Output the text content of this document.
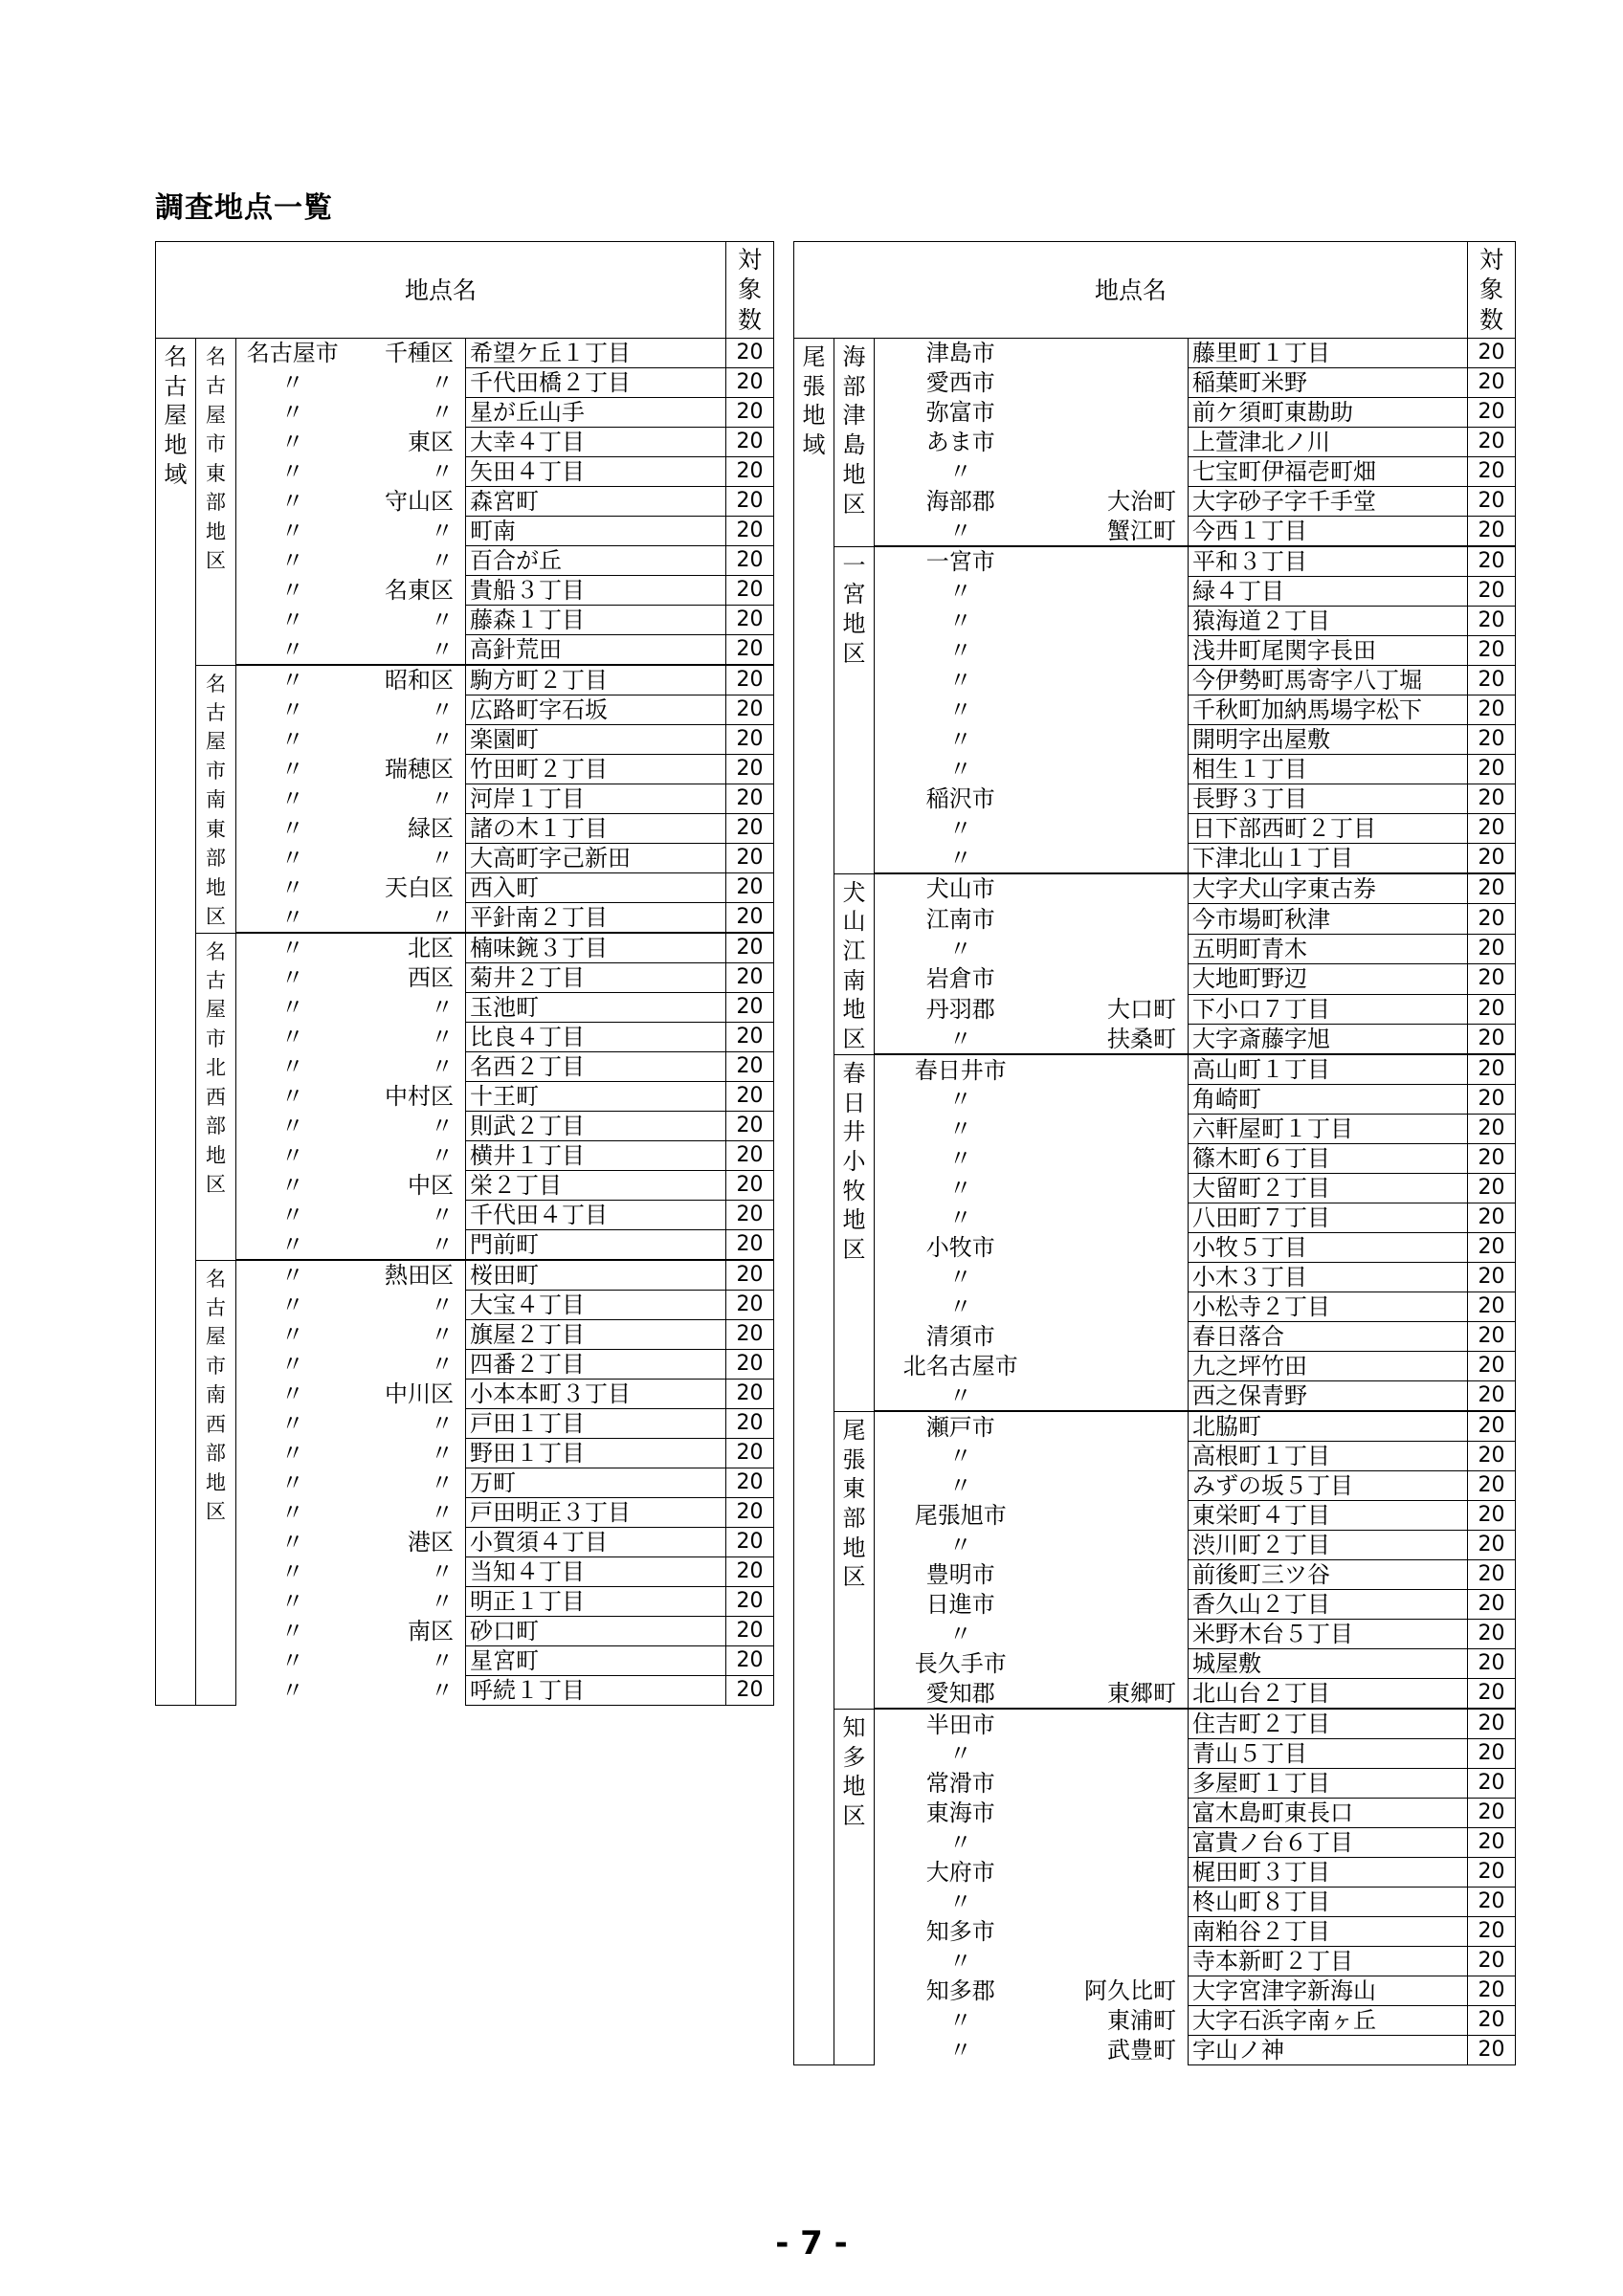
調査地点一覧
地点名				対
象
数

名古屋地域	名古屋市東部地区	名古屋市 千種区	希望ケ丘１丁目	20

		〃 〃	千代田橋２丁目	20

		〃 〃	星が丘山手	20

		〃 東区	大幸４丁目	20

		〃 〃	矢田４丁目	20

		〃 守山区	森宮町	20

		〃 〃	町南	20

		〃 〃	百合が丘	20

		〃 名東区	貴船３丁目	20

		〃 〃	藤森１丁目	20

		〃 〃	高針荒田	20

	名古屋市南東部地区	〃 昭和区	駒方町２丁目	20

		〃 〃	広路町字石坂	20

		〃 〃	楽園町	20

		〃 瑞穂区	竹田町２丁目	20

		〃 〃	河岸１丁目	20

		〃 緑区	諸の木１丁目	20

		〃 〃	大高町字己新田	20

		〃 天白区	西入町	20

		〃 〃	平針南２丁目	20

	名古屋市北西部地区	〃 北区	楠味鋺３丁目	20

		〃 西区	菊井２丁目	20

		〃 〃	玉池町	20

		〃 〃	比良４丁目	20

		〃 〃	名西２丁目	20

		〃 中村区	十王町	20

		〃 〃	則武２丁目	20

		〃 〃	横井１丁目	20

		〃 中区	栄２丁目	20

		〃 〃	千代田４丁目	20

		〃 〃	門前町	20

	名古屋市南西部地区	〃 熱田区	桜田町	20

		〃 〃	大宝４丁目	20

		〃 〃	旗屋２丁目	20

		〃 〃	四番２丁目	20

		〃 中川区	小本本町３丁目	20

		〃 〃	戸田１丁目	20

		〃 〃	野田１丁目	20

		〃 〃	万町	20

		〃 〃	戸田明正３丁目	20

		〃 港区	小賀須４丁目	20

		〃 〃	当知４丁目	20

		〃 〃	明正１丁目	20

		〃 南区	砂口町	20

		〃 〃	星宮町	20

		〃 〃	呼続１丁目	20
地点名				対
象
数

尾張地域	海部津島地区	津島市	藤里町１丁目	20

		愛西市	稲葉町米野	20

		弥富市	前ケ須町東勘助	20

		あま市	上萱津北ノ川	20

		〃	七宝町伊福壱町畑	20

		海部郡 大治町	大字砂子字千手堂	20

		〃 蟹江町	今西１丁目	20

	一宮地区	一宮市	平和３丁目	20

		〃	緑４丁目	20

		〃	猿海道２丁目	20

		〃	浅井町尾関字長田	20

		〃	今伊勢町馬寄字八丁堀	20

		〃	千秋町加納馬場字松下	20

		〃	開明字出屋敷	20

		〃	相生１丁目	20

		稲沢市	長野３丁目	20

		〃	日下部西町２丁目	20

		〃	下津北山１丁目	20

	犬山江南地区	犬山市	大字犬山字東古券	20

		江南市	今市場町秋津	20

		〃	五明町青木	20

		岩倉市	大地町野辺	20

		丹羽郡 大口町	下小口７丁目	20

		〃 扶桑町	大字斎藤字旭	20

	春日井小牧地区	春日井市	高山町１丁目	20

		〃	角崎町	20

		〃	六軒屋町１丁目	20

		〃	篠木町６丁目	20

		〃	大留町２丁目	20

		〃	八田町７丁目	20

		小牧市	小牧５丁目	20

		〃	小木３丁目	20

		〃	小松寺２丁目	20

		清須市	春日落合	20

		北名古屋市	九之坪竹田	20

		〃	西之保青野	20

	尾張東部地区	瀬戸市	北脇町	20

		〃	高根町１丁目	20

		〃	みずの坂５丁目	20

		尾張旭市	東栄町４丁目	20

		〃	渋川町２丁目	20

		豊明市	前後町三ツ谷	20

		日進市	香久山２丁目	20

		〃	米野木台５丁目	20

		長久手市	城屋敷	20

		愛知郡 東郷町	北山台２丁目	20

	知多地区	半田市	住吉町２丁目	20

		〃	青山５丁目	20

		常滑市	多屋町１丁目	20

		東海市	富木島町東長口	20

		〃	富貴ノ台６丁目	20

		大府市	梶田町３丁目	20

		〃	柊山町８丁目	20

		知多市	南粕谷２丁目	20

		〃	寺本新町２丁目	20

		知多郡 阿久比町	大字宮津字新海山	20

		〃 東浦町	大字石浜字南ヶ丘	20

		〃 武豊町	字山ノ神	20
- 7 -
